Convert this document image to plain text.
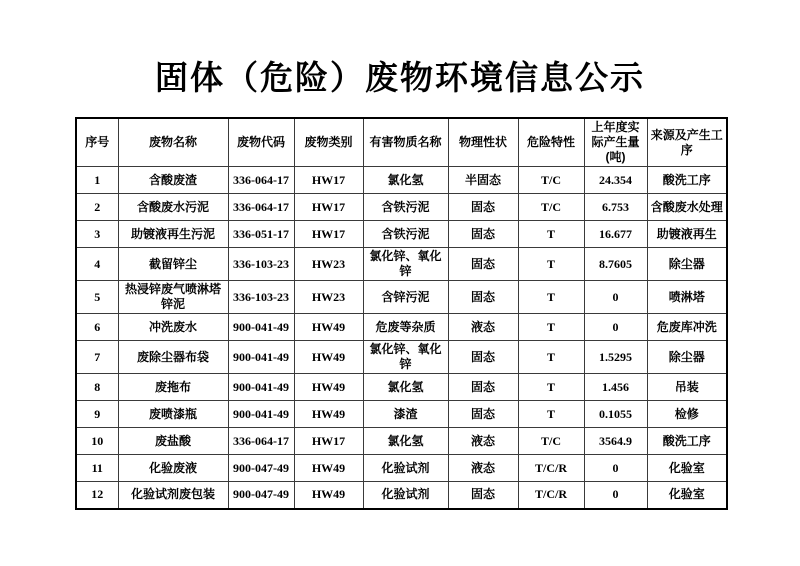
固体（危险）废物环境信息公示
序号	废物名称	废物代码	废物类别	有害物质名称	物理性状	危险特性	上年度实际产生量(吨)	来源及产生工序
1	含酸废渣	336-064-17	HW17	氯化氢	半固态	T/C	24.354	酸洗工序
2	含酸废水污泥	336-064-17	HW17	含铁污泥	固态	T/C	6.753	含酸废水处理
3	助镀液再生污泥	336-051-17	HW17	含铁污泥	固态	T	16.677	助镀液再生
4	截留锌尘	336-103-23	HW23	氯化锌、氧化锌	固态	T	8.7605	除尘器
5	热浸锌废气喷淋塔锌泥	336-103-23	HW23	含锌污泥	固态	T	0	喷淋塔
6	冲洗废水	900-041-49	HW49	危废等杂质	液态	T	0	危废库冲洗
7	废除尘器布袋	900-041-49	HW49	氯化锌、氧化锌	固态	T	1.5295	除尘器
8	废拖布	900-041-49	HW49	氯化氢	固态	T	1.456	吊装
9	废喷漆瓶	900-041-49	HW49	漆渣	固态	T	0.1055	检修
10	废盐酸	336-064-17	HW17	氯化氢	液态	T/C	3564.9	酸洗工序
11	化验废液	900-047-49	HW49	化验试剂	液态	T/C/R	0	化验室
12	化验试剂废包装	900-047-49	HW49	化验试剂	固态	T/C/R	0	化验室
